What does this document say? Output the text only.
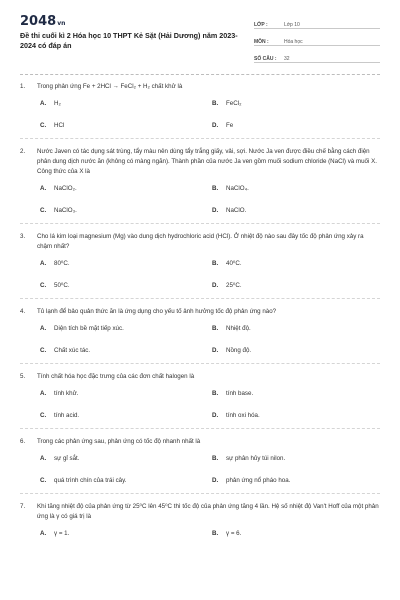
2048vn
Đề thi cuối kì 2 Hóa học 10 THPT Kẻ Sặt (Hải Dương) năm 2023-2024 có đáp án
LỚP :	Lớp 10
MÔN :	Hóa học
SỐ CÂU :	32
1.	Trong phản ứng Fe + 2HCl → FeCl₂ + H₂ chất khử là
A.	H₂	B.	FeCl₂
C.	HCl	D.	Fe
2.	Nước Javen có tác dụng sát trùng, tẩy màu nên dùng tẩy trắng giấy, vải, sợi. Nước Ja ven được điều chế bằng cách điện phân dung dịch nước ăn (không có màng ngăn). Thành phần của nước Ja ven gồm muối sodium chloride (NaCl) và muối X. Công thức của X là
A.	NaClO₂.	B.	NaClO₄.
C.	NaClO₃.	D.	NaClO.
3.	Cho lá kim loại magnesium (Mg) vào dung dịch hydrochloric acid (HCl). Ở nhiệt độ nào sau đây tốc độ phản ứng xảy ra chậm nhất?
A.	80⁰C.	B.	40⁰C.
C.	50⁰C.	D.	25⁰C.
4.	Tủ lạnh để bảo quản thức ăn là ứng dụng cho yếu tố ảnh hưởng tốc độ phản ứng nào?
A.	Diện tích bề mặt tiếp xúc.	B.	Nhiệt độ.
C.	Chất xúc tác.	D.	Nồng độ.
5.	Tính chất hóa học đặc trưng của các đơn chất halogen là
A.	tính khử.	B.	tính base.
C.	tính acid.	D.	tính oxi hóa.
6.	Trong các phản ứng sau, phản ứng có tốc độ nhanh nhất là
A.	sự gỉ sắt.	B.	sự phân hủy túi nilon.
C.	quá trình chín của trái cây.	D.	phản ứng nổ pháo hoa.
7.	Khi tăng nhiệt độ của phản ứng từ 25⁰C lên 45⁰C thì tốc độ của phản ứng tăng 4 lần. Hệ số nhiệt độ Van't Hoff của một phản ứng là γ có giá trị là
A.	γ = 1.	B.	γ = 6.
